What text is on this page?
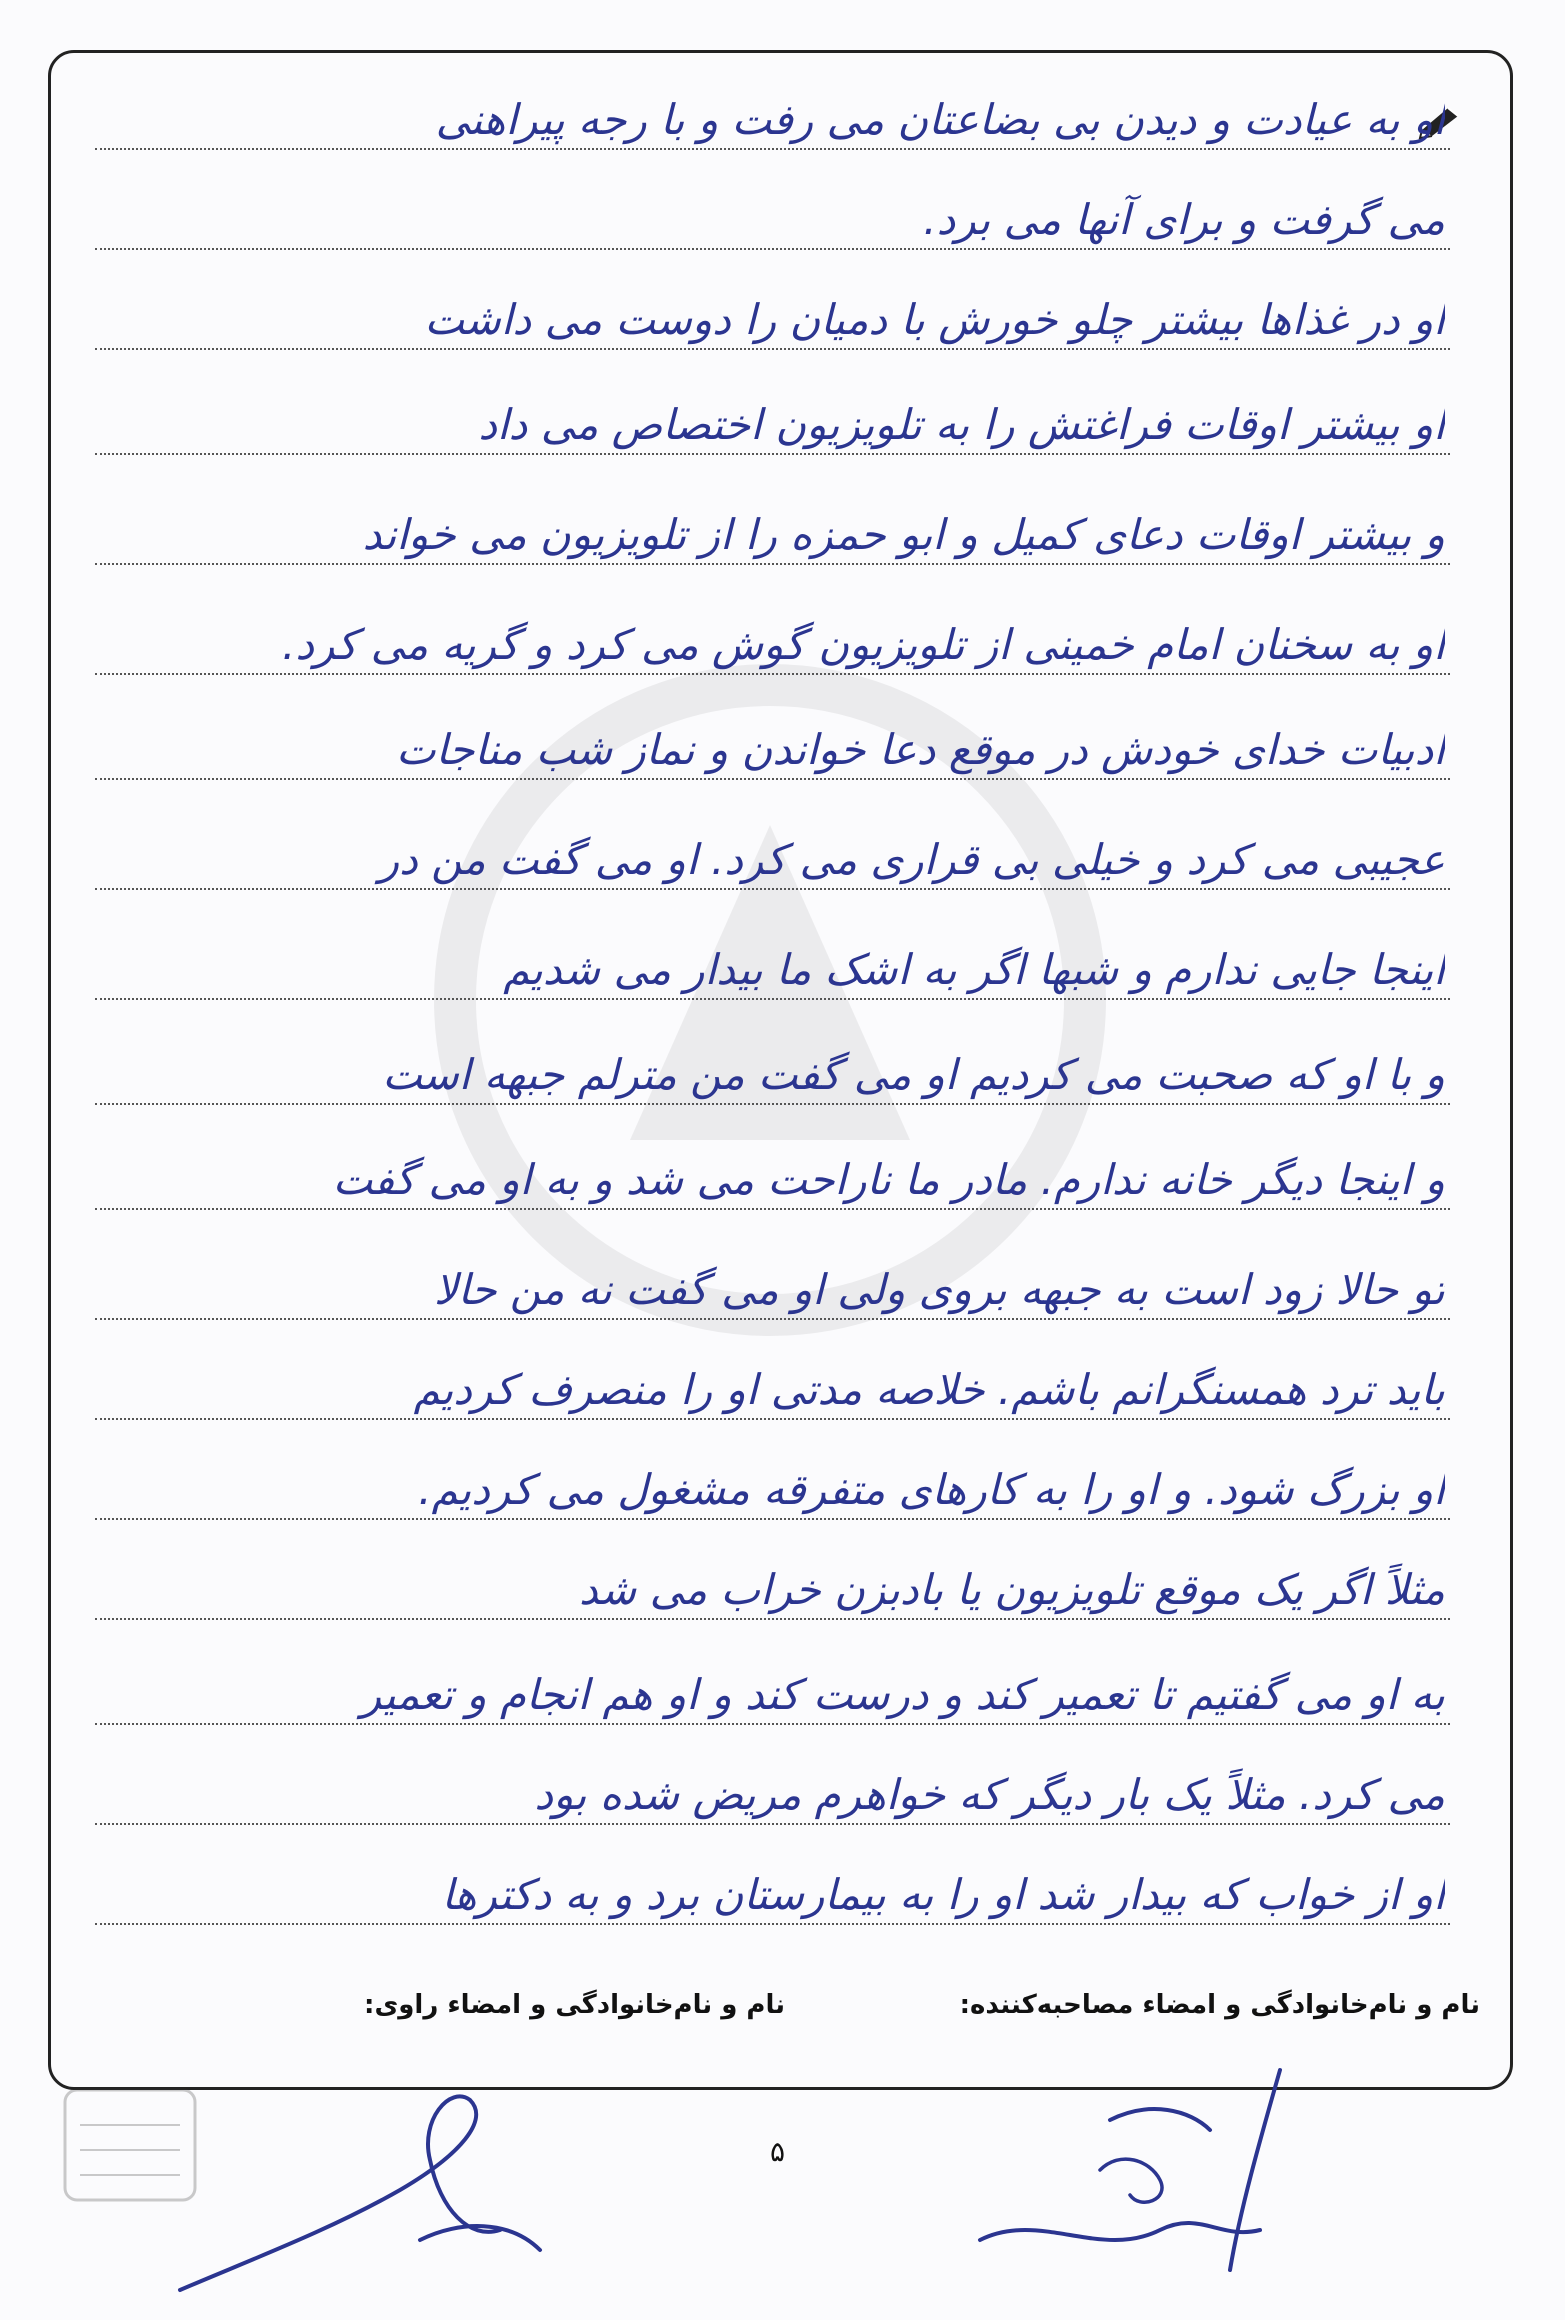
او به عیادت و دیدن بی بضاعتان می رفت و با رجه پیراهنی
می گرفت و برای آنها می برد.
او در غذاها بیشتر چلو خورش با دمیان را دوست می داشت
او بیشتر اوقات فراغتش را به تلویزیون اختصاص می داد
و بیشتر اوقات دعای کمیل و ابو حمزه را از تلویزیون می خواند
او به سخنان امام خمینی از تلویزیون گوش می کرد و گریه می کرد.
ادبیات خدای خودش در موقع دعا خواندن و نماز شب مناجات
عجیبی می کرد و خیلی بی قراری می کرد. او می گفت من در
اینجا جایی ندارم و شبها اگر به اشک ما بیدار می شدیم
و با او که صحبت می کردیم او می گفت من مترلم جبهه است
و اینجا دیگر خانه ندارم. مادر ما ناراحت می شد و به او می گفت
تو حالا زود است به جبهه بروی ولی او می گفت نه من حالا
باید ترد همسنگرانم باشم. خلاصه مدتی او را منصرف کردیم
او بزرگ شود. و او را به کارهای متفرقه مشغول می کردیم.
مثلاً اگر یک موقع تلویزیون یا بادبزن خراب می شد
به او می گفتیم تا تعمیر کند و درست کند و او هم انجام و تعمیر
می کرد. مثلاً یک بار دیگر که خواهرم مریض شده بود
او از خواب که بیدار شد او را به بیمارستان برد و به دکترها
نام و نام‌خانوادگی و امضاء مصاحبه‌کننده:
نام و نام‌خانوادگی و امضاء راوی:
۵
